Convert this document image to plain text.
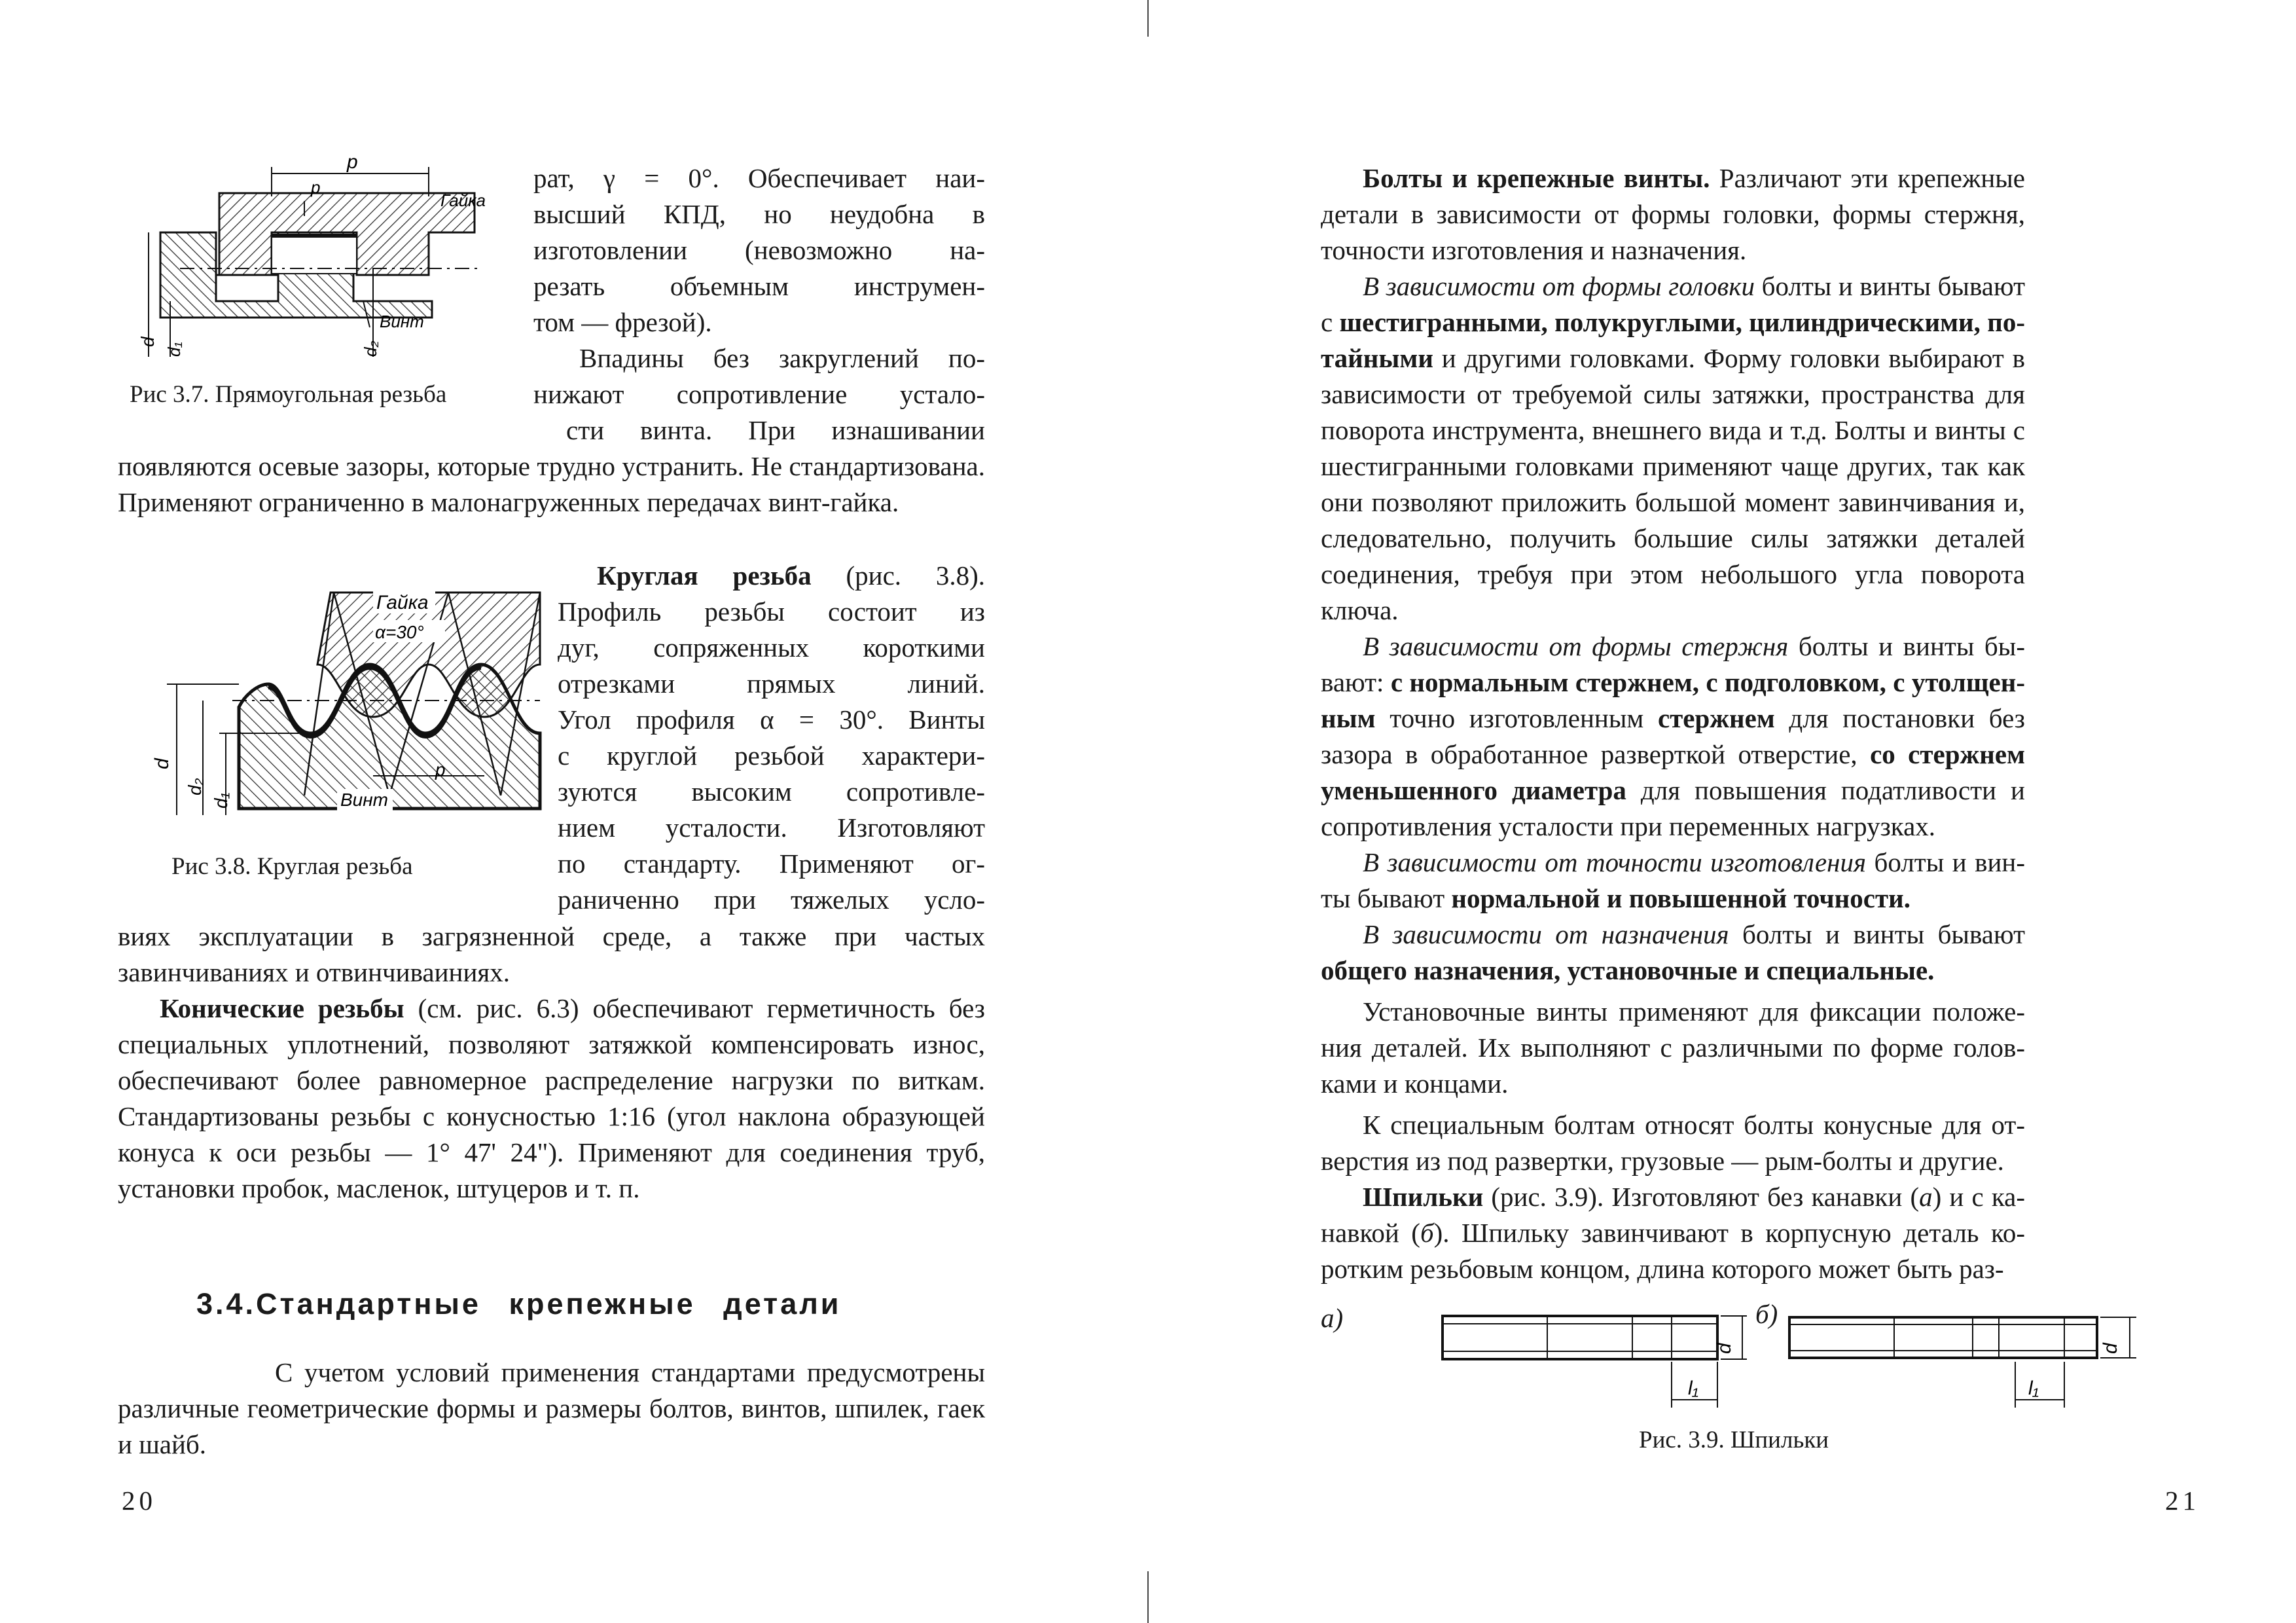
p
p
Гайка
Винт
d
d₁	d₂
Рис 3.7. Прямоугольная резьба
рат, γ = 0°. Обеспечивает наи-
высший КПД, но неудобна в
изготовлении (невозможно на-
резать объемным инструмен-
том — фрезой).
Впадины без закруглений по-
нижают сопротивление устало-
сти винта. При изнашивании
появляются осевые зазоры, которые трудно устранить. Не стандартизована. Применяют ограниченно в малонагруженных передачах винт-гайка.
Гайка
α=30°
Винт
p
d
d₂
d₁
Рис 3.8. Круглая резьба
Круглая резьба (рис. 3.8).
Профиль резьбы состоит из
дуг, сопряженных короткими
отрезками прямых линий.
Угол профиля α = 30°. Винты
с круглой резьбой характери-
зуются высоким сопротивле-
нием усталости. Изготовляют
по стандарту. Применяют ог-
раниченно при тяжелых усло-
виях эксплуатации в загрязненной среде, а также при частых завинчиваниях и отвинчиваиниях.
Конические резьбы (см. рис. 6.3) обеспечивают герметичность без специальных уплотнений, позволяют затяжкой компенсировать износ, обеспечивают более равномерное распределение нагрузки по виткам. Стандартизованы резьбы с конусностью 1:16 (угол наклона образующей конуса к оси резьбы — 1° 47' 24"). Применяют для соединения труб, установки пробок, масленок, штуцеров и т. п.
3.4.Стандартные крепежные детали
С учетом условий применения стандартами предусмотрены различные геометрические формы и размеры болтов, винтов, шпилек, гаек и шайб.
20

Болты и крепежные винты. Различают эти крепежные детали в зависимости от формы головки, формы стержня, точности изготовления и назначения.

В зависимости от формы головки болты и винты бывают с шестигранными, полукруглыми, цилиндрическими, потайными и другими головками. Форму головки выбирают в зависимости от требуемой силы затяжки, пространства для поворота инструмента, внешнего вида и т.д. Болты и винты с шестигранными головками применяют чаще других, так как они позволяют приложить большой момент завинчивания и, следовательно, получить большие силы затяжки деталей соединения, требуя при этом небольшого угла поворота ключа.

В зависимости от формы стержня болты и винты бывают: с нормальным стержнем, с подголовком, с утолщенным точно изготовленным стержнем для постановки без зазора в обработанное разверткой отверстие, со стержнем уменьшенного диаметра для повышения податливости и сопротивления усталости при переменных нагрузках.

В зависимости от точности изготовления болты и винты бывают нормальной и повышенной точности.

В зависимости от назначения болты и винты бывают общего назначения, установочные и специальные.

Установочные винты применяют для фиксации положения деталей. Их выполняют с различными по форме головками и концами.

К специальным болтам относят болты конусные для отверстия из под развертки, грузовые — рым-болты и другие.

Шпильки (рис. 3.9). Изготовляют без канавки (а) и с канавкой (б). Шпильку завинчивают в корпусную деталь коротким резьбовым концом, длина которого может быть раз-

а)	б)
l₁
d
l₁
d
Рис. 3.9. Шпильки
21
